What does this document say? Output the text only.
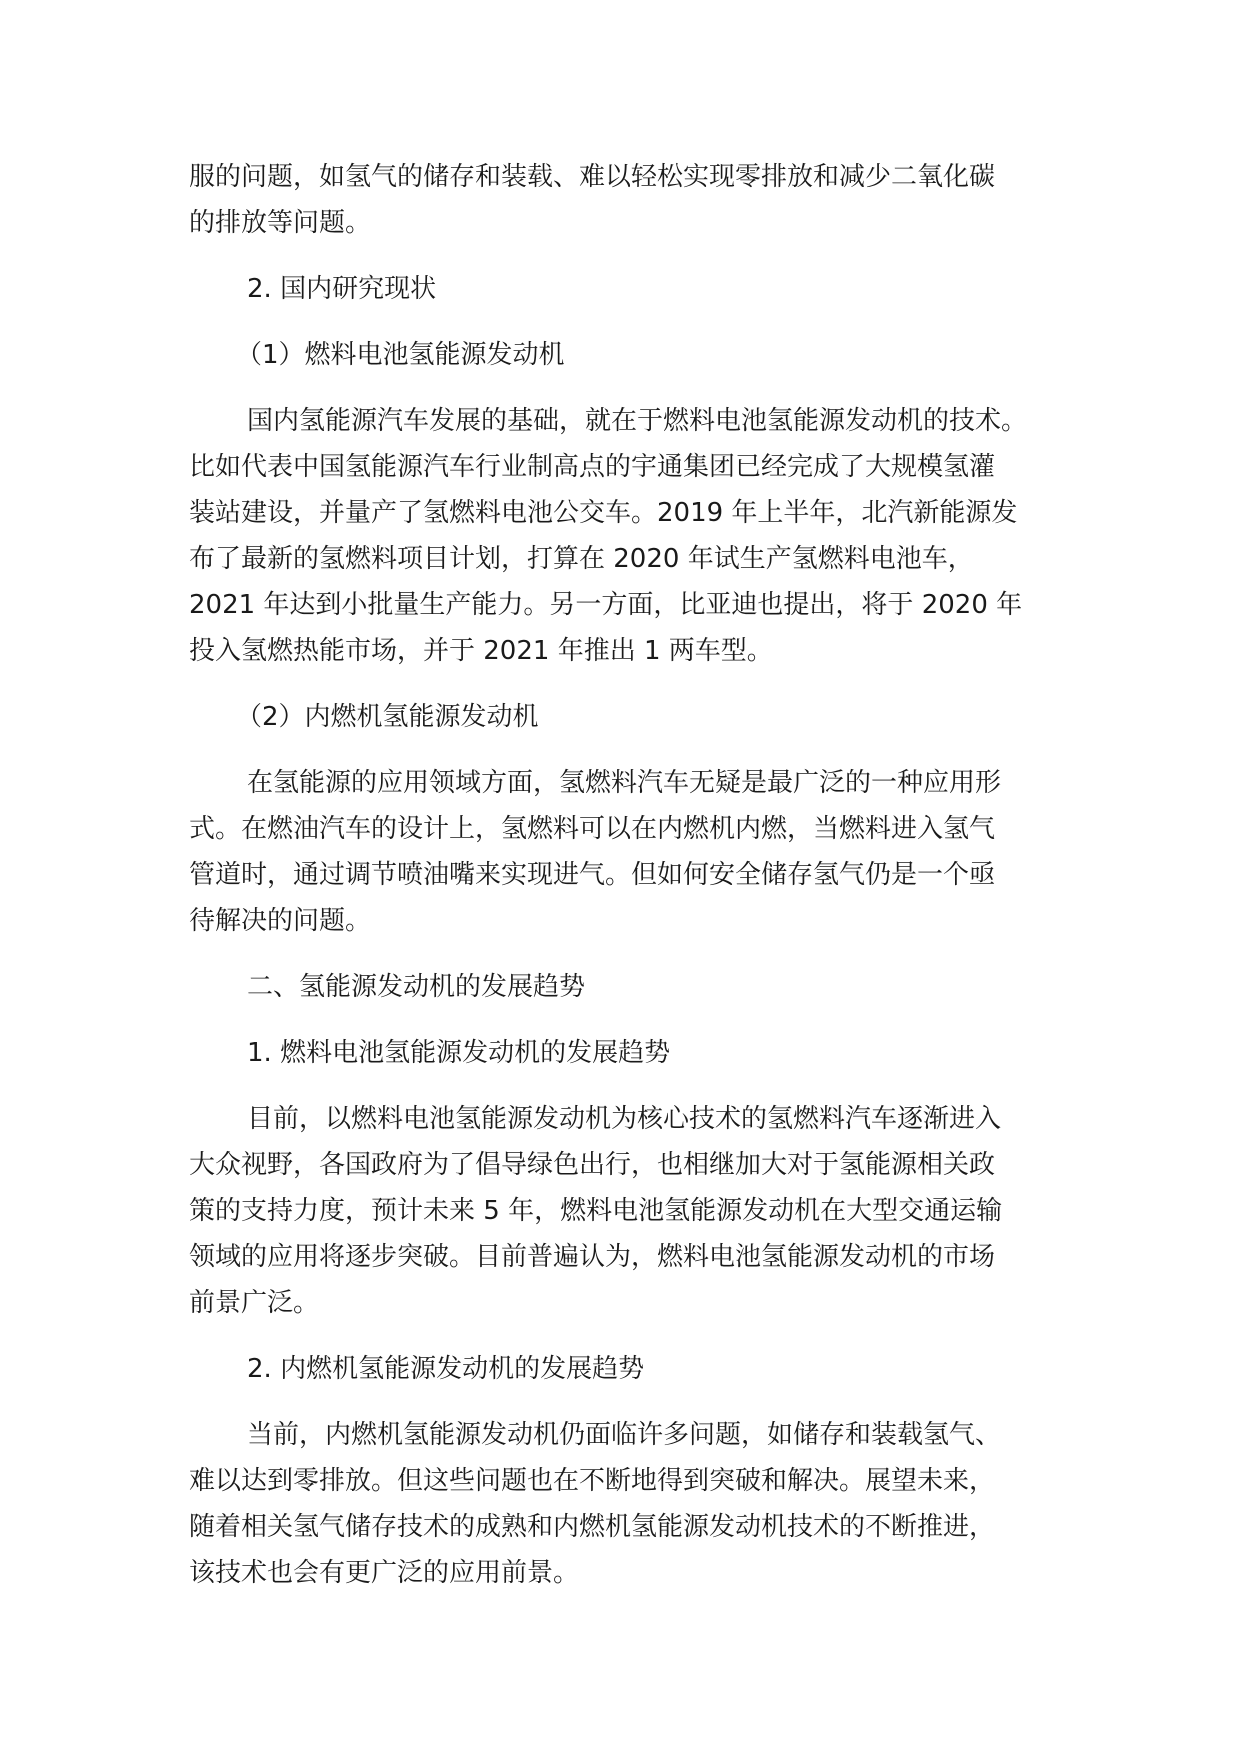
服的问题，如氢气的储存和装载、难以轻松实现零排放和减少二氧化碳
的排放等问题。
2. 国内研究现状
（1）燃料电池氢能源发动机
国内氢能源汽车发展的基础，就在于燃料电池氢能源发动机的技术。
比如代表中国氢能源汽车行业制高点的宇通集团已经完成了大规模氢灌
装站建设，并量产了氢燃料电池公交车。2019 年上半年，北汽新能源发
布了最新的氢燃料项目计划，打算在 2020 年试生产氢燃料电池车，
2021 年达到小批量生产能力。另一方面，比亚迪也提出，将于 2020 年
投入氢燃热能市场，并于 2021 年推出 1 两车型。
（2）内燃机氢能源发动机
在氢能源的应用领域方面，氢燃料汽车无疑是最广泛的一种应用形
式。在燃油汽车的设计上，氢燃料可以在内燃机内燃，当燃料进入氢气
管道时，通过调节喷油嘴来实现进气。但如何安全储存氢气仍是一个亟
待解决的问题。
二、氢能源发动机的发展趋势
1. 燃料电池氢能源发动机的发展趋势
目前，以燃料电池氢能源发动机为核心技术的氢燃料汽车逐渐进入
大众视野，各国政府为了倡导绿色出行，也相继加大对于氢能源相关政
策的支持力度，预计未来 5 年，燃料电池氢能源发动机在大型交通运输
领域的应用将逐步突破。目前普遍认为，燃料电池氢能源发动机的市场
前景广泛。
2. 内燃机氢能源发动机的发展趋势
当前，内燃机氢能源发动机仍面临许多问题，如储存和装载氢气、
难以达到零排放。但这些问题也在不断地得到突破和解决。展望未来，
随着相关氢气储存技术的成熟和内燃机氢能源发动机技术的不断推进，
该技术也会有更广泛的应用前景。
